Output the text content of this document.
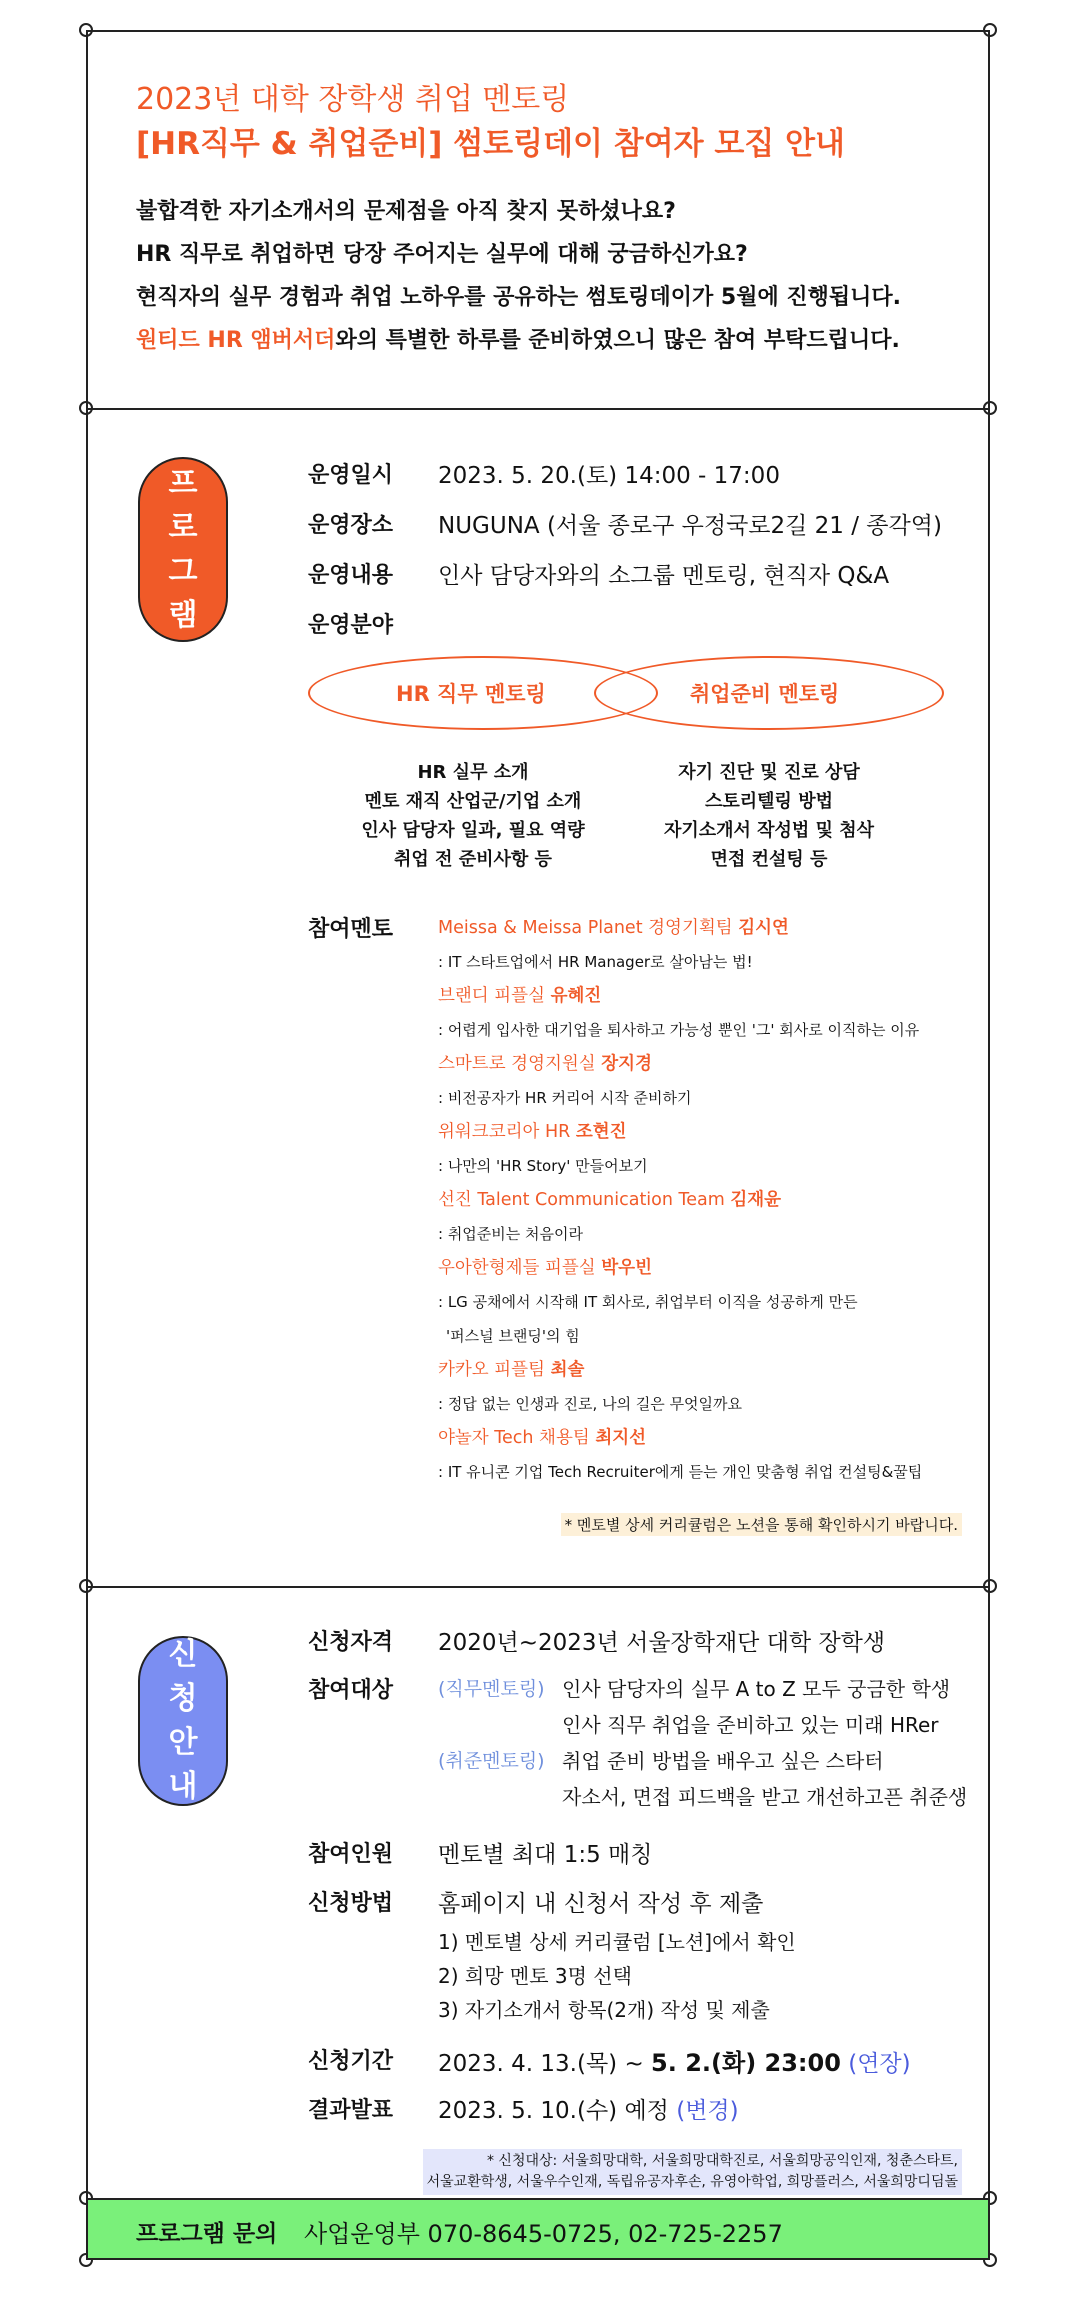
2023년 대학 장학생 취업 멘토링
[HR직무 & 취업준비] 썸토링데이 참여자 모집 안내
불합격한 자기소개서의 문제점을 아직 찾지 못하셨나요?
HR 직무로 취업하면 당장 주어지는 실무에 대해 궁금하신가요?
현직자의 실무 경험과 취업 노하우를 공유하는 썸토링데이가 5월에 진행됩니다.
원티드 HR 앰버서더와의 특별한 하루를 준비하였으니 많은 참여 부탁드립니다.
프
로
그
램
운영일시 2023. 5. 20.(토) 14:00 - 17:00
운영장소 NUGUNA (서울 종로구 우정국로2길 21 / 종각역)
운영내용 인사 담당자와의 소그룹 멘토링, 현직자 Q&A
운영분야
HR 직무 멘토링	취업준비 멘토링
HR 실무 소개
멘토 재직 산업군/기업 소개
인사 담당자 일과, 필요 역량
취업 전 준비사항 등
자기 진단 및 진로 상담
스토리텔링 방법
자기소개서 작성법 및 첨삭
면접 컨설팅 등
참여멘토	Meissa & Meissa Planet 경영기획팀 김시연
: IT 스타트업에서 HR Manager로 살아남는 법!
브랜디 피플실 유혜진
: 어렵게 입사한 대기업을 퇴사하고 가능성 뿐인 '그' 회사로 이직하는 이유
스마트로 경영지원실 장지경
: 비전공자가 HR 커리어 시작 준비하기
위워크코리아 HR 조현진
: 나만의 'HR Story' 만들어보기
선진 Talent Communication Team 김재윤
: 취업준비는 처음이라
우아한형제들 피플실 박우빈
: LG 공채에서 시작해 IT 회사로, 취업부터 이직을 성공하게 만든
'퍼스널 브랜딩'의 힘
카카오 피플팀 최솔
: 정답 없는 인생과 진로, 나의 길은 무엇일까요
야놀자 Tech 채용팀 최지선
: IT 유니콘 기업 Tech Recruiter에게 듣는 개인 맞춤형 취업 컨설팅&꿀팁
* 멘토별 상세 커리큘럼은 노션을 통해 확인하시기 바랍니다.
신
청
안
내
신청자격 2020년~2023년 서울장학재단 대학 장학생
참여대상 (직무멘토링) 인사 담당자의 실무 A to Z 모두 궁금한 학생
인사 직무 취업을 준비하고 있는 미래 HRer
(취준멘토링) 취업 준비 방법을 배우고 싶은 스타터
자소서, 면접 피드백을 받고 개선하고픈 취준생
참여인원 멘토별 최대 1:5 매칭
신청방법 홈페이지 내 신청서 작성 후 제출
1) 멘토별 상세 커리큘럼 [노션]에서 확인
2) 희망 멘토 3명 선택
3) 자기소개서 항목(2개) 작성 및 제출
신청기간 2023. 4. 13.(목) ~ 5. 2.(화) 23:00 (연장)
결과발표 2023. 5. 10.(수) 예정 (변경)
* 신청대상: 서울희망대학, 서울희망대학진로, 서울희망공익인재, 청춘스타트,
서울교환학생, 서울우수인재, 독립유공자후손, 유영아학업, 희망플러스, 서울희망디딤돌
프로그램 문의 사업운영부 070-8645-0725, 02-725-2257
